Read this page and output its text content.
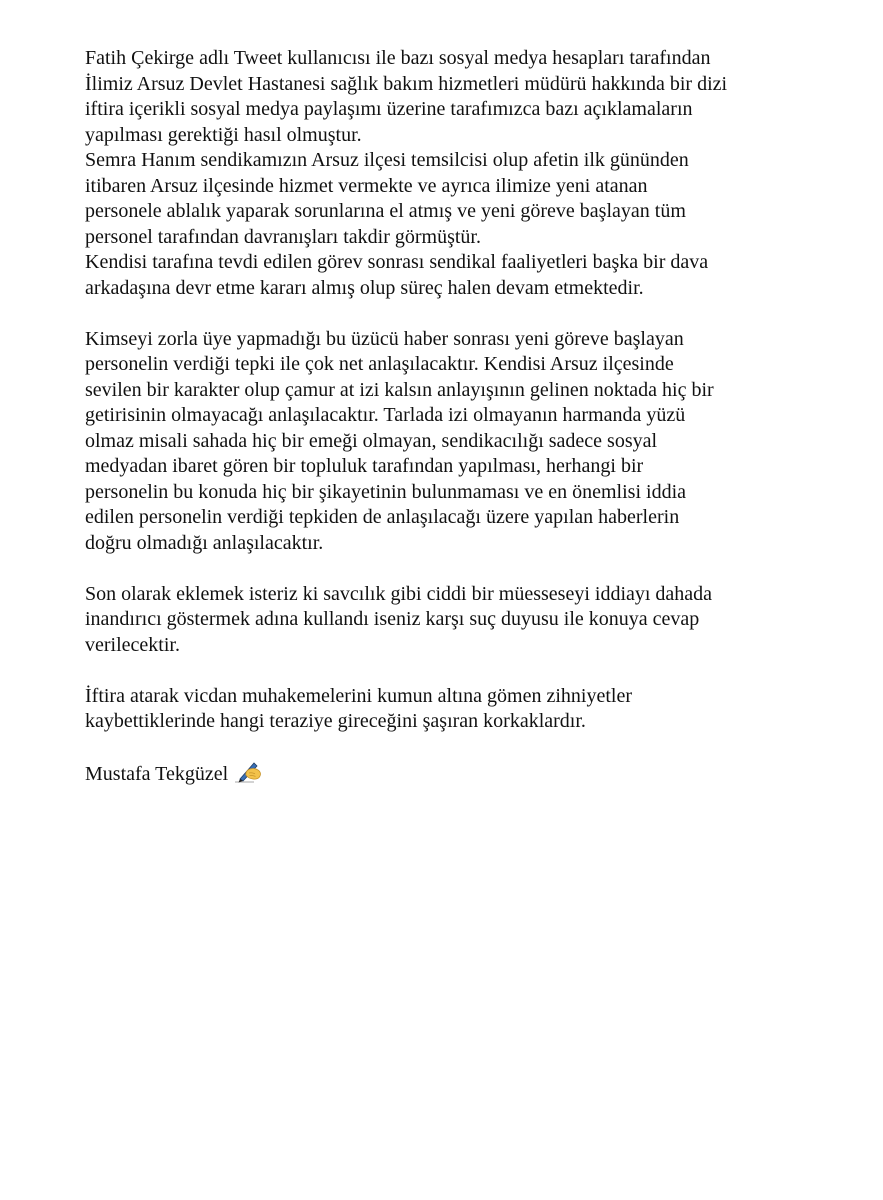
Fatih Çekirge adlı Tweet kullanıcısı ile bazı sosyal medya hesapları tarafından
İlimiz Arsuz Devlet Hastanesi sağlık bakım hizmetleri müdürü hakkında bir dizi
iftira içerikli sosyal medya paylaşımı üzerine tarafımızca bazı açıklamaların
yapılması gerektiği hasıl olmuştur.
Semra Hanım sendikamızın Arsuz ilçesi temsilcisi olup afetin ilk gününden
itibaren Arsuz ilçesinde hizmet vermekte ve ayrıca ilimize yeni atanan
personele ablalık yaparak sorunlarına el atmış ve yeni göreve başlayan tüm
personel tarafından davranışları takdir görmüştür.
Kendisi tarafına tevdi edilen görev sonrası sendikal faaliyetleri başka bir dava
arkadaşına devr etme kararı almış olup süreç halen devam etmektedir.
Kimseyi zorla üye yapmadığı bu üzücü haber sonrası yeni göreve başlayan
personelin verdiği tepki ile çok net anlaşılacaktır. Kendisi Arsuz ilçesinde
sevilen bir karakter olup çamur at izi kalsın anlayışının gelinen noktada hiç bir
getirisinin olmayacağı anlaşılacaktır. Tarlada izi olmayanın harmanda yüzü
olmaz misali sahada hiç bir emeği olmayan, sendikacılığı sadece sosyal
medyadan ibaret gören bir topluluk tarafından yapılması, herhangi bir
personelin bu konuda hiç bir şikayetinin bulunmaması ve en önemlisi iddia
edilen personelin verdiği tepkiden de anlaşılacağı üzere yapılan haberlerin
doğru olmadığı anlaşılacaktır.
Son olarak eklemek isteriz ki savcılık gibi ciddi bir müesseseyi iddiayı dahada
inandırıcı göstermek adına kullandı iseniz karşı suç duyusu ile konuya cevap
verilecektir.
İftira atarak vicdan muhakemelerini kumun altına gömen zihniyetler
kaybettiklerinde hangi teraziye gireceğini şaşıran korkaklardır.
Mustafa Tekgüzel
